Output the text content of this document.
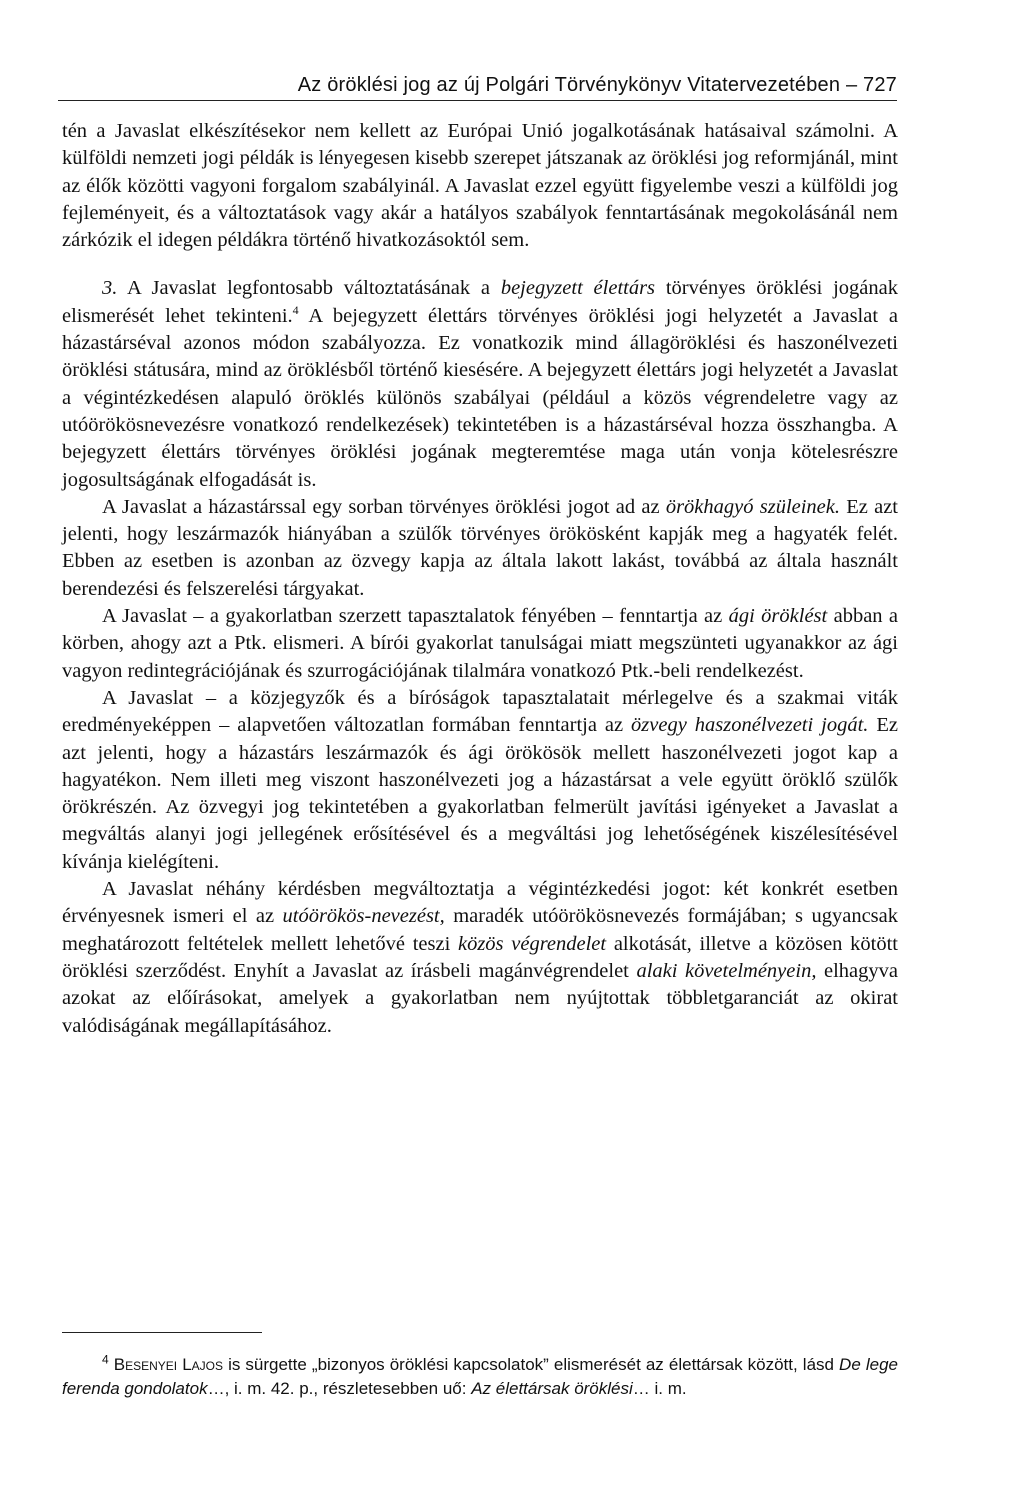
Az öröklési jog az új Polgári Törvénykönyv Vitatervezetében – 727

tén a Javaslat elkészítésekor nem kellett az Európai Unió jogalkotásának hatásaival számolni. A külföldi nemzeti jogi példák is lényegesen kisebb szerepet játszanak az öröklési jog reformjánál, mint az élők közötti vagyoni forgalom szabályinál. A Javaslat ezzel együtt figyelembe veszi a külföldi jog fejleményeit, és a változtatások vagy akár a hatályos szabályok fenntartásának megokolásánál nem zárkózik el idegen példákra történő hivatkozásoktól sem.

3. A Javaslat legfontosabb változtatásának a bejegyzett élettárs törvényes öröklési jogának elismerését lehet tekinteni.$^4$ A bejegyzett élettárs törvényes öröklési jogi helyzetét a Javaslat a házastárséval azonos módon szabályozza. Ez vonatkozik mind állagöröklési és haszonélvezeti öröklési státusára, mind az öröklésből történő kiesésére. A bejegyzett élettárs jogi helyzetét a Javaslat a végintézkedésen alapuló öröklés különös szabályai (például a közös végrendeletre vagy az utóörökösnevezésre vonatkozó rendelkezések) tekintetében is a házastárséval hozza összhangba. A bejegyzett élettárs törvényes öröklési jogának megteremtése maga után vonja kötelesrészre jogosultságának elfogadását is.

A Javaslat a házastárssal egy sorban törvényes öröklési jogot ad az örökhagyó szüleinek. Ez azt jelenti, hogy leszármazók hiányában a szülők törvényes örökösként kapják meg a hagyaték felét. Ebben az esetben is azonban az özvegy kapja az általa lakott lakást, továbbá az általa használt berendezési és felszerelési tárgyakat.

A Javaslat – a gyakorlatban szerzett tapasztalatok fényében – fenntartja az ági öröklést abban a körben, ahogy azt a Ptk. elismeri. A bírói gyakorlat tanulságai miatt megszünteti ugyanakkor az ági vagyon redintegrációjának és szurrogációjának tilalmára vonatkozó Ptk.-beli rendelkezést.

A Javaslat – a közjegyzők és a bíróságok tapasztalatait mérlegelve és a szakmai viták eredményeképpen – alapvetően változatlan formában fenntartja az özvegy haszonélvezeti jogát. Ez azt jelenti, hogy a házastárs leszármazók és ági örökösök mellett haszonélvezeti jogot kap a hagyatékon. Nem illeti meg viszont haszonélvezeti jog a házastársat a vele együtt öröklő szülők örökrészén. Az özvegyi jog tekintetében a gyakorlatban felmerült javítási igényeket a Javaslat a megváltás alanyi jogi jellegének erősítésével és a megváltási jog lehetőségének kiszélesítésével kívánja kielégíteni.

A Javaslat néhány kérdésben megváltoztatja a végintézkedési jogot: két konkrét esetben érvényesnek ismeri el az utóörökös-nevezést, maradék utóörökösnevezés formájában; s ugyancsak meghatározott feltételek mellett lehetővé teszi közös végrendelet alkotását, illetve a közösen kötött öröklési szerződést. Enyhít a Javaslat az írásbeli magánvégrendelet alaki követelményein, elhagyva azokat az előírásokat, amelyek a gyakorlatban nem nyújtottak többletgaranciát az okirat valódiságának megállapításához.

$^4$ Besenyei Lajos is sürgette „bizonyos öröklési kapcsolatok” elismerését az élettársak között, lásd De lege ferenda gondolatok…, i. m. 42. p., részletesebben uő: Az élettársak öröklési… i. m.
